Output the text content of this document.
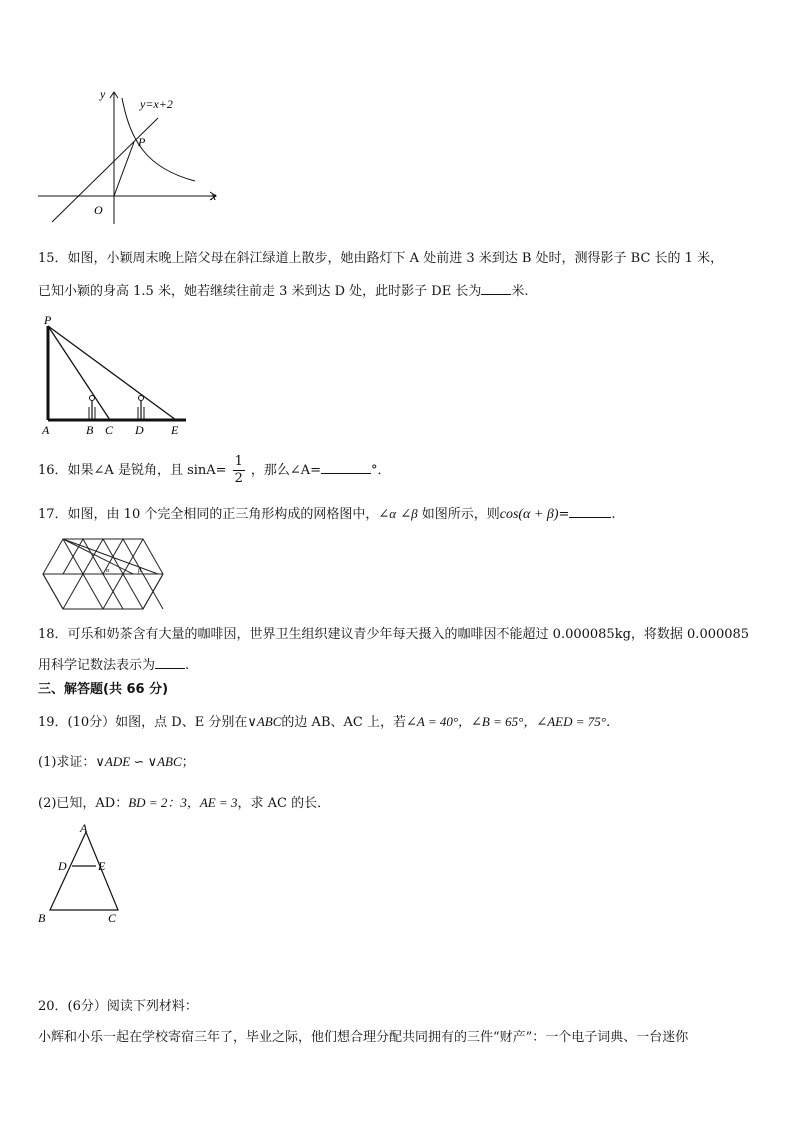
y
x
O
P
y=x+2
15．如图，小颖周末晚上陪父母在斜江绿道上散步，她由路灯下 A 处前进 3 米到达 B 处时，测得影子 BC 长的 1 米，
已知小颖的身高 1.5 米，她若继续往前走 3 米到达 D 处，此时影子 DE 长为 米.
P
A	B C D E
16．如果∠A 是锐角，且 $\sin A= \frac{1}{2}$ ，那么∠A=	°．
17．如图，由 10 个完全相同的正三角形构成的网格图中，∠α ∠β 如图所示，则cos(α + β)=	.
α	β
18．可乐和奶茶含有大量的咖啡因，世界卫生组织建议青少年每天摄入的咖啡因不能超过 0.000085kg，将数据 0.000085
用科学记数法表示为 .
三、解答题(共 66 分)
19．(10分）如图，点 D、E 分别在∨ABC的边 AB、AC 上，若∠A = 40°，∠B = 65°，∠AED = 75°．
(1)求证：∨ADE ∽ ∨ABC；
(2)已知，AD：BD = 2：3，AE = 3，求 AC 的长．
A
D	E
B	C
20．(6分）阅读下列材料：
小辉和小乐一起在学校寄宿三年了，毕业之际，他们想合理分配共同拥有的三件“财产”：一个电子词典、一台迷你
